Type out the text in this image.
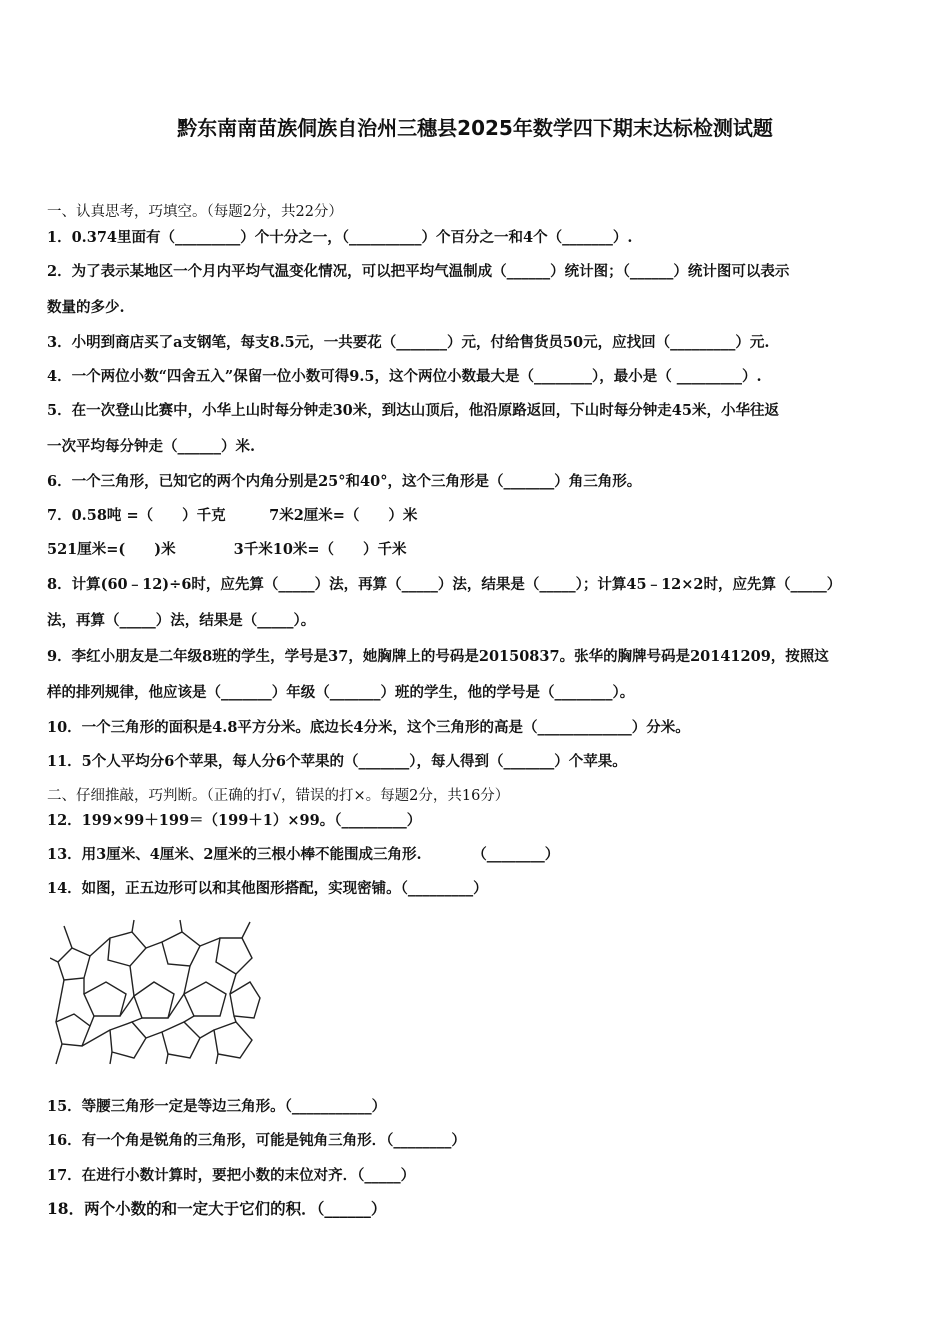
黔东南南苗族侗族自治州三穗县2025年数学四下期末达标检测试题
一、认真思考，巧填空。（每题2分，共22分）
1．0.374里面有（_________）个十分之一，（__________）个百分之一和4个（_______）.
2．为了表示某地区一个月内平均气温变化情况，可以把平均气温制成（______）统计图；（______）统计图可以表示
数量的多少.
3．小明到商店买了a支钢笔，每支8.5元，一共要花（_______）元，付给售货员50元，应找回（_________）元.
4．一个两位小数“四舍五入”保留一位小数可得9.5，这个两位小数最大是（________），最小是（ _________）.
5．在一次登山比赛中，小华上山时每分钟走30米，到达山顶后，他沿原路返回，下山时每分钟走45米，小华往返
一次平均每分钟走（______）米.
6．一个三角形，已知它的两个内角分别是25°和40°，这个三角形是（_______）角三角形。
7．0.58吨 =（　　）千克　　　7米2厘米=（　　）米
521厘米=(　　)米　　　　3千米10米=（　　）千米
8．计算(60﹣12)÷6时，应先算（_____）法，再算（_____）法，结果是（_____）；计算45﹣12×2时，应先算（_____）
法，再算（_____）法，结果是（_____）。
9．李红小朋友是二年级8班的学生，学号是37，她胸牌上的号码是20150837。张华的胸牌号码是20141209，按照这
样的排列规律，他应该是（_______）年级（_______）班的学生，他的学号是（________）。
10．一个三角形的面积是4.8平方分米。底边长4分米，这个三角形的高是（_____________）分米。
11．5个人平均分6个苹果，每人分6个苹果的（_______），每人得到（_______）个苹果。
二、仔细推敲，巧判断。（正确的打√，错误的打×。每题2分，共16分）
12．199×99＋199＝（199＋1）×99。（_________）
13．用3厘米、4厘米、2厘米的三根小棒不能围成三角形.　　　　（________）
14．如图，正五边形可以和其他图形搭配，实现密铺。（_________）
15．等腰三角形一定是等边三角形。（___________）
16．有一个角是锐角的三角形，可能是钝角三角形．（________）
17．在进行小数计算时，要把小数的末位对齐．（_____）
18．两个小数的和一定大于它们的积．（______）
